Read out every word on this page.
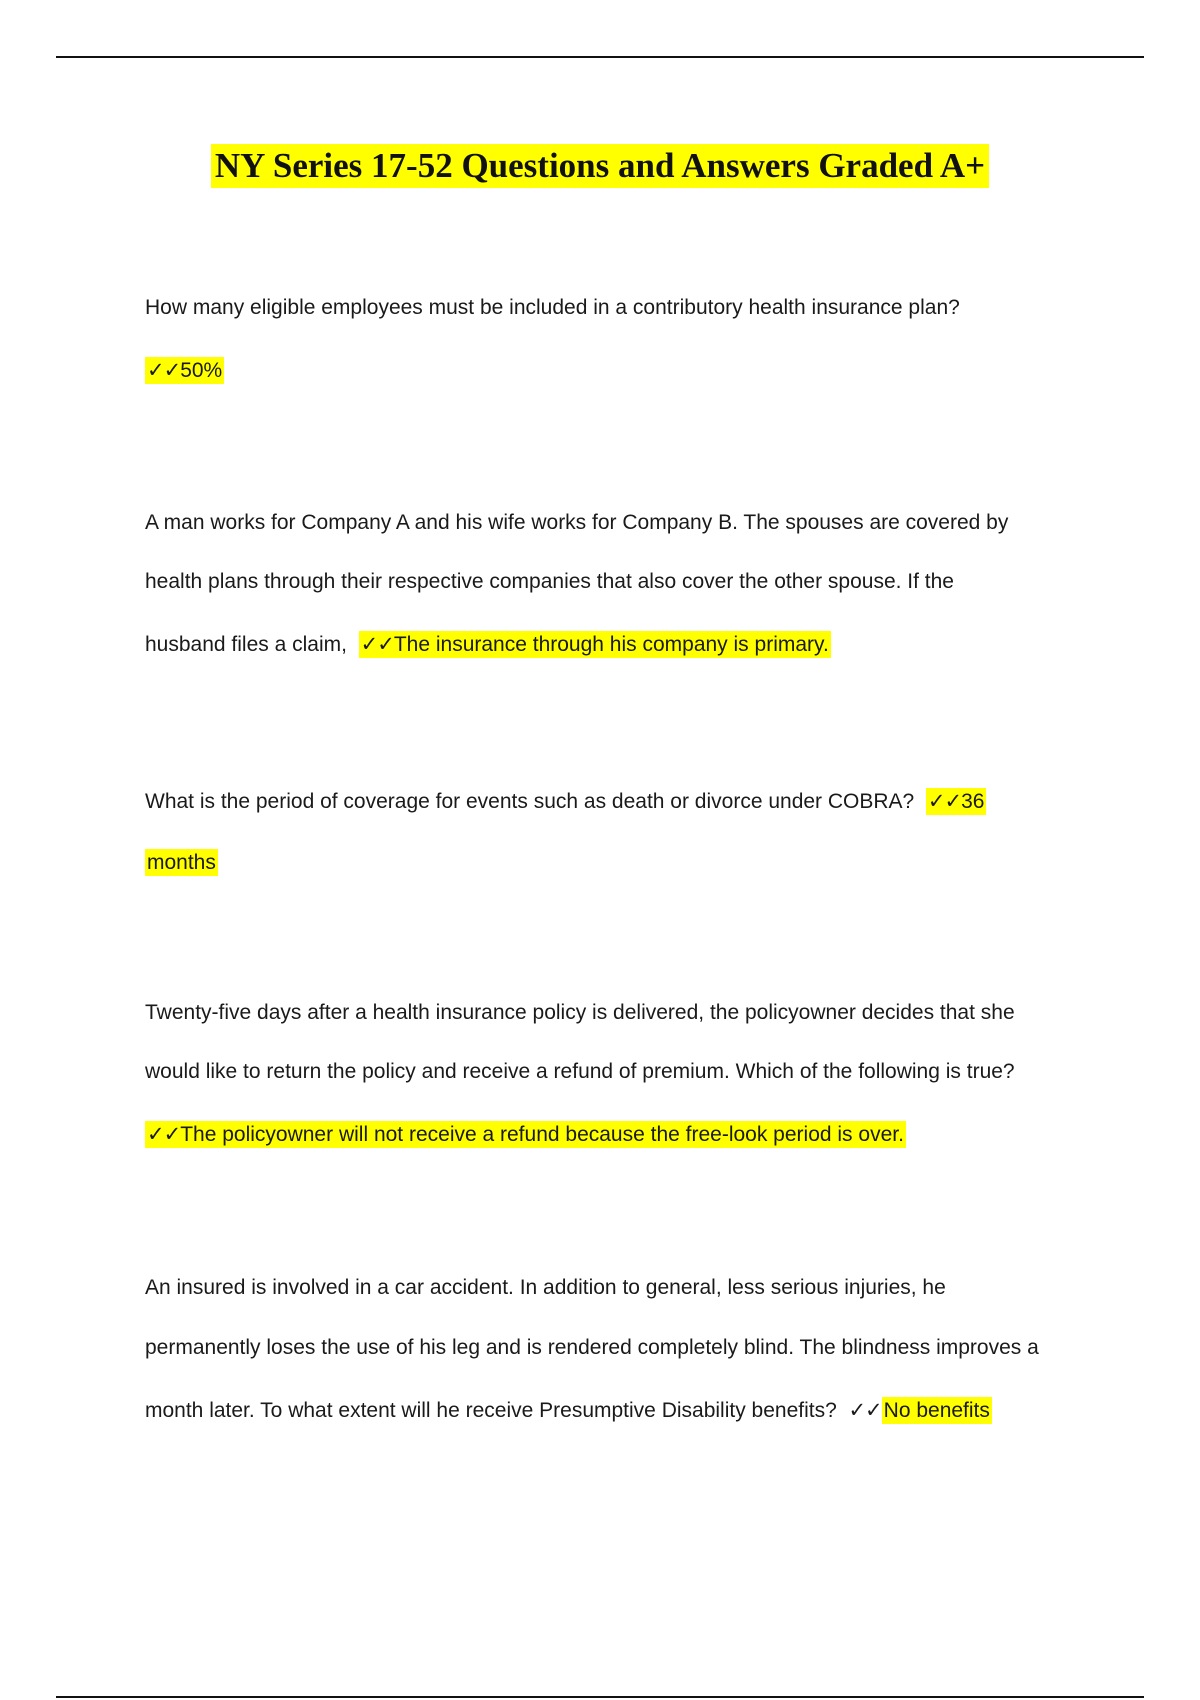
NY Series 17-52 Questions and Answers Graded A+
How many eligible employees must be included in a contributory health insurance plan?
✓✓50%
A man works for Company A and his wife works for Company B. The spouses are covered by
health plans through their respective companies that also cover the other spouse. If the
husband files a claim, ✓✓The insurance through his company is primary.
What is the period of coverage for events such as death or divorce under COBRA? ✓✓36
months
Twenty-five days after a health insurance policy is delivered, the policyowner decides that she
would like to return the policy and receive a refund of premium. Which of the following is true?
✓✓The policyowner will not receive a refund because the free-look period is over.
An insured is involved in a car accident. In addition to general, less serious injuries, he
permanently loses the use of his leg and is rendered completely blind. The blindness improves a
month later. To what extent will he receive Presumptive Disability benefits? ✓✓No benefits
